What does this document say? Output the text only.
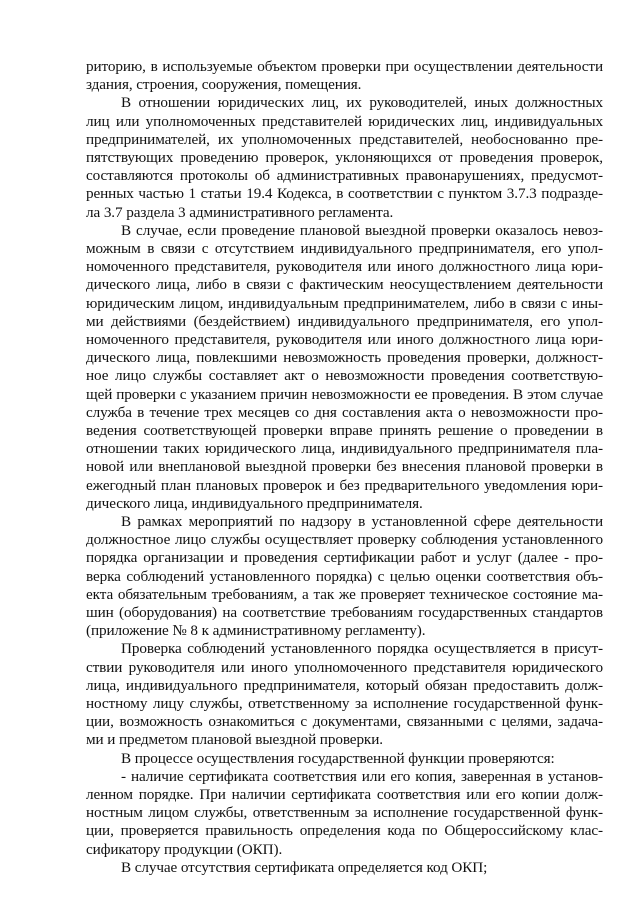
риторию, в используемые объектом проверки при осуществлении деятельности
здания, строения, сооружения, помещения.
В отношении юридических лиц, их руководителей, иных должностных
лиц или уполномоченных представителей юридических лиц, индивидуальных
предпринимателей, их уполномоченных представителей, необоснованно пре-
пятствующих проведению проверок, уклоняющихся от проведения проверок,
составляются протоколы об административных правонарушениях, предусмот-
ренных частью 1 статьи 19.4 Кодекса, в соответствии с пунктом 3.7.3 подразде-
ла 3.7 раздела 3 административного регламента.
В случае, если проведение плановой выездной проверки оказалось невоз-
можным в связи с отсутствием индивидуального предпринимателя, его упол-
номоченного представителя, руководителя или иного должностного лица юри-
дического лица, либо в связи с фактическим неосуществлением деятельности
юридическим лицом, индивидуальным предпринимателем, либо в связи с ины-
ми действиями (бездействием) индивидуального предпринимателя, его упол-
номоченного представителя, руководителя или иного должностного лица юри-
дического лица, повлекшими невозможность проведения проверки, должност-
ное лицо службы составляет акт о невозможности проведения соответствую-
щей проверки с указанием причин невозможности ее проведения. В этом случае
служба в течение трех месяцев со дня составления акта о невозможности про-
ведения соответствующей проверки вправе принять решение о проведении в
отношении таких юридического лица, индивидуального предпринимателя пла-
новой или внеплановой выездной проверки без внесения плановой проверки в
ежегодный план плановых проверок и без предварительного уведомления юри-
дического лица, индивидуального предпринимателя.
В рамках мероприятий по надзору в установленной сфере деятельности
должностное лицо службы осуществляет проверку соблюдения установленного
порядка организации и проведения сертификации работ и услуг (далее - про-
верка соблюдений установленного порядка) с целью оценки соответствия объ-
екта обязательным требованиям, а так же проверяет техническое состояние ма-
шин (оборудования) на соответствие требованиям государственных стандартов
(приложение № 8 к административному регламенту).
Проверка соблюдений установленного порядка осуществляется в присут-
ствии руководителя или иного уполномоченного представителя юридического
лица, индивидуального предпринимателя, который обязан предоставить долж-
ностному лицу службы, ответственному за исполнение государственной функ-
ции, возможность ознакомиться с документами, связанными с целями, задача-
ми и предметом плановой выездной проверки.
В процессе осуществления государственной функции проверяются:
- наличие сертификата соответствия или его копия, заверенная в установ-
ленном порядке. При наличии сертификата соответствия или его копии долж-
ностным лицом службы, ответственным за исполнение государственной функ-
ции, проверяется правильность определения кода по Общероссийскому клас-
сификатору продукции (ОКП).
В случае отсутствия сертификата определяется код ОКП;
